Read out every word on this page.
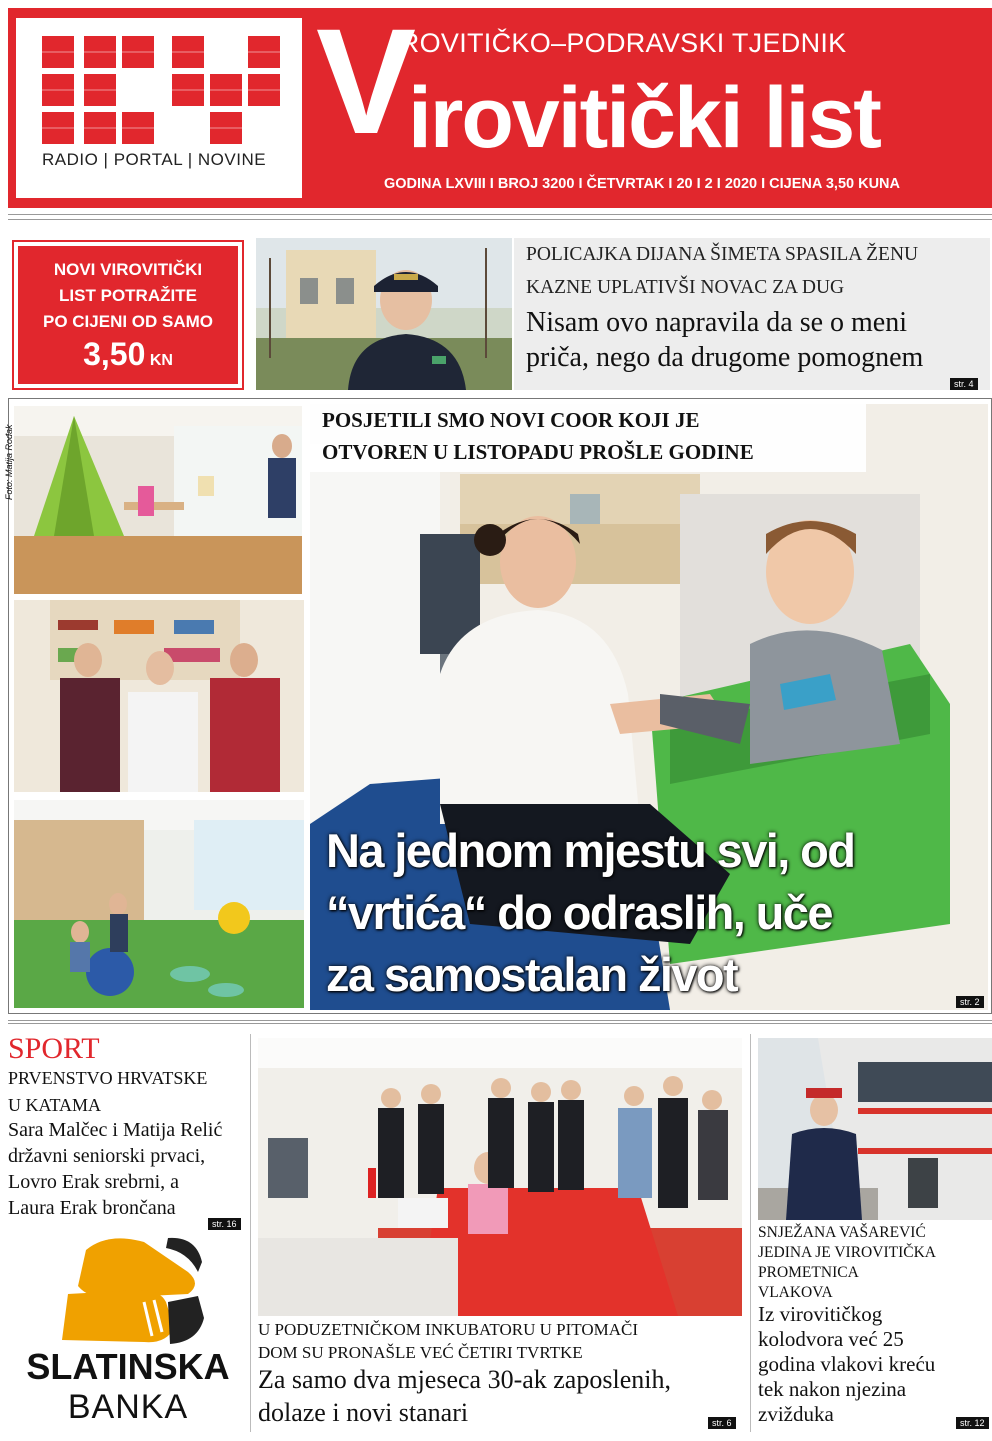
RADIO | PORTAL | NOVINE
IROVITIČKO–PODRAVSKI TJEDNIK
V
irovitički list
GODINA LXVIII I BROJ 3200 I ČETVRTAK I 20 I 2 I 2020 I CIJENA 3,50 KUNA
NOVI VIROVITIČKI
LIST POTRAŽITE
PO CIJENI OD SAMO
3,50 KN
POLICAJKA DIJANA ŠIMETA SPASILA ŽENU
KAZNE UPLATIVŠI NOVAC ZA DUG
Nisam ovo napravila da se o meni
priča, nego da drugome pomognem
str. 4
Foto: Matija Rođak
POSJETILI SMO NOVI COOR KOJI JE
OTVOREN U LISTOPADU PROŠLE GODINE
Na jednom mjestu svi, od
“vrtića“ do odraslih, uče
za samostalan život
str. 2
SPORT
PRVENSTVO HRVATSKE
U KATAMA
Sara Malčec i Matija Relić
državni seniorski prvaci,
Lovro Erak srebrni, a
Laura Erak brončana
str. 16
SLATINSKA
BANKA
U PODUZETNIČKOM INKUBATORU U PITOMAČI
DOM SU PRONAŠLE VEĆ ČETIRI TVRTKE
Za samo dva mjeseca 30-ak zaposlenih,
dolaze i novi stanari	str. 6
SNJEŽANA VAŠAREVIĆ
JEDINA JE VIROVITIČKA
PROMETNICA
VLAKOVA
Iz virovitičkog
kolodvora već 25
godina vlakovi kreću
tek nakon njezina
zvižduka	str. 12
